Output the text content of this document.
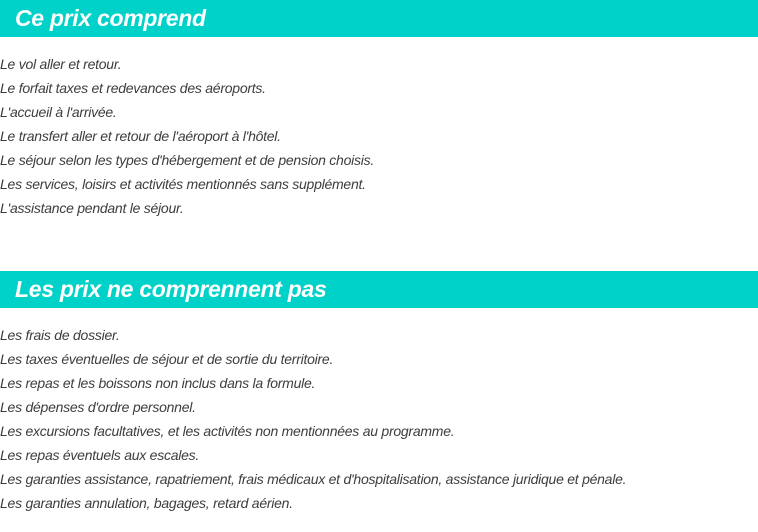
Ce prix comprend
Le vol aller et retour.
Le forfait taxes et redevances des aéroports.
L'accueil à l'arrivée.
Le transfert aller et retour de l'aéroport à l'hôtel.
Le séjour selon les types d'hébergement et de pension choisis.
Les services, loisirs et activités mentionnés sans supplément.
L'assistance pendant le séjour.
Les prix ne comprennent pas
Les frais de dossier.
Les taxes éventuelles de séjour et de sortie du territoire.
Les repas et les boissons non inclus dans la formule.
Les dépenses d'ordre personnel.
Les excursions facultatives, et les activités non mentionnées au programme.
Les repas éventuels aux escales.
Les garanties assistance, rapatriement, frais médicaux et d'hospitalisation, assistance juridique et pénale.
Les garanties annulation, bagages, retard aérien.
